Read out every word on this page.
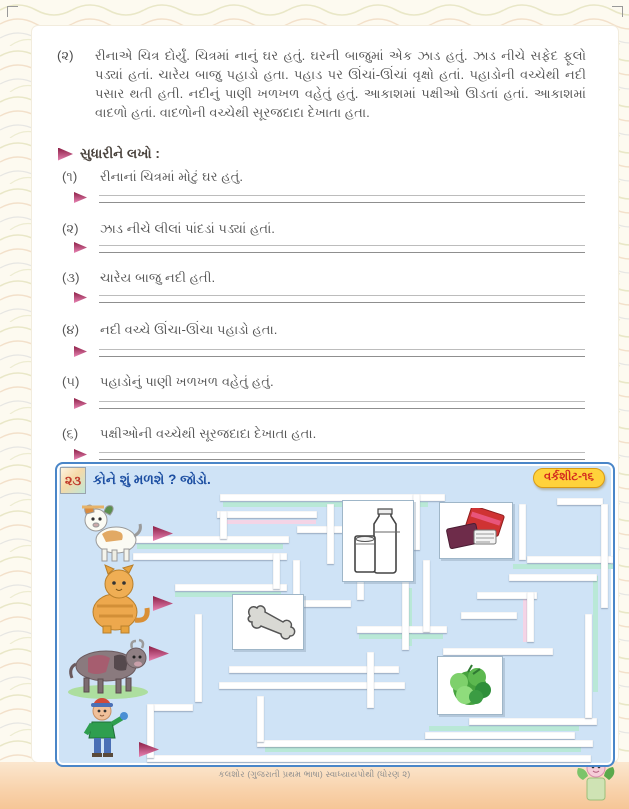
(૨)	રીનાએ ચિત્ર દોર્યું. ચિત્રમાં નાનું ઘર હતું. ઘરની બાજુમાં એક ઝાડ હતું. ઝાડ નીચે સફેદ ફૂલો પડ્યાં હતાં. ચારેય બાજુ પહાડો હતા. પહાડ પર ઊંચાં-ઊંચાં વૃક્ષો હતાં. પહાડોની વચ્ચેથી નદી પસાર થતી હતી. નદીનું પાણી ખળખળ વહેતું હતું. આકાશમાં પક્ષીઓ ઊડતાં હતાં. આકાશમાં વાદળો હતાં. વાદળોની વચ્ચેથી સૂરજદાદા દેખાતા હતા.
સુધારીને લખો :
(૧)	રીનાનાં ચિત્રમાં મોટું ઘર હતું.
(૨)	ઝાડ નીચે લીલાં પાંદડાં પડ્યાં હતાં.
(૩)	ચારેય બાજુ નદી હતી.
(૪)	નદી વચ્ચે ઊંચા-ઊંચા પહાડો હતા.
(૫)	પહાડોનું પાણી ખળખળ વહેતું હતું.
(૬)	પક્ષીઓની વચ્ચેથી સૂરજદાદા દેખાતા હતા.
૨૩ કોને શું મળશે ? જોડો.	વર્કશીટ-૧૬
કલશોર (ગુજરાતી પ્રથમ ભાષા) સ્વાધ્યાયપોથી (ધોરણ ૨)
